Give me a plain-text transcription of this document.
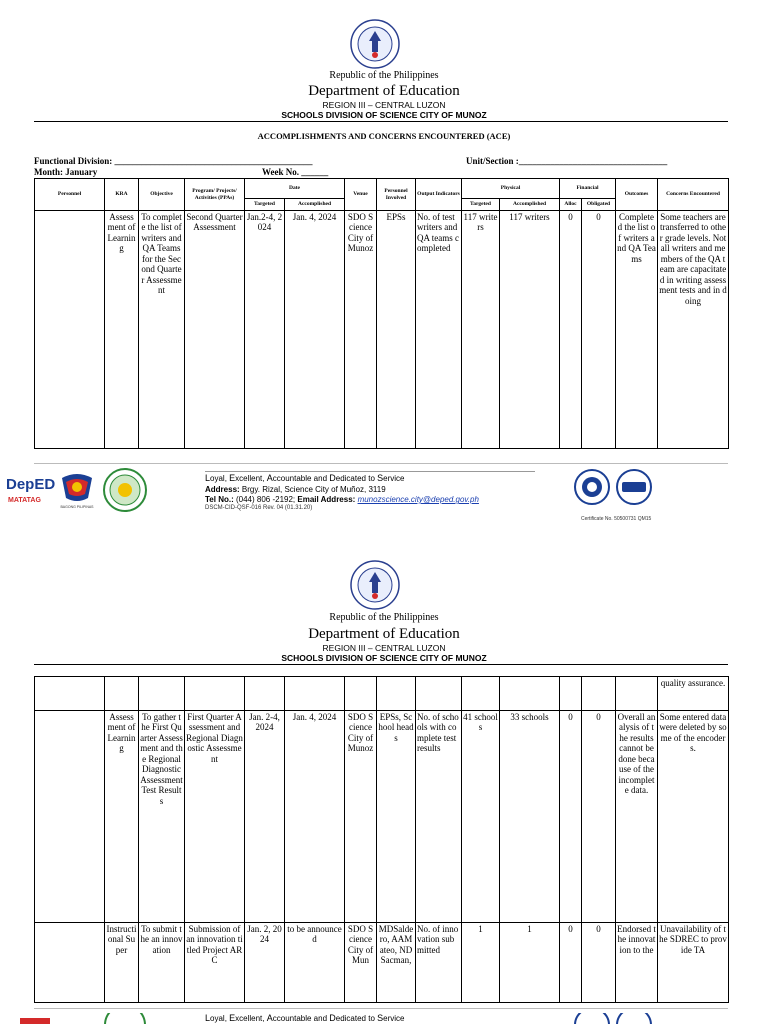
Republic of the Philippines
Department of Education
REGION III – CENTRAL LUZON
SCHOOLS DIVISION OF SCIENCE CITY OF MUNOZ
ACCOMPLISHMENTS AND CONCERNS ENCOUNTERED (ACE)
Functional Division: ____________________________________________	Unit/Section :_________________________________
Month: January	Week No. ______
Personnel	KRA	Objective	Program/ Projects/ Activities (PPAs)	Date		Venue	Personnel Involved	Output Indicators	Physical		Financial		Outcomes	Concerns Encountered
				Targeted	Accomplished				Targeted	Accomplished	Alloc	Obligated		
	Assessment of Learning	To complete the list of writers and QA Teams for the Second Quarter Assessment	Second Quarter Assessment	Jan.2-4, 2024	Jan. 4, 2024	SDO Science City of Munoz	EPSs	No. of test writers and QA teams completed	117 writers	117 writers	0	0	Completed the list of writers and QA Teams	Some teachers are transferred to other grade levels. Not all writers and members of the QA team are capacitated in writing assessment tests and in doing
DepED
MATATAG
BAGONG PILIPINAS
Loyal, Excellent, Accountable and Dedicated to Service
Address: Brgy. Rizal, Science City of Muñoz, 3119
Tel No.: (044) 806 -2192; Email Address: munozscience.city@deped.gov.ph
DSCM-CID-QSF-016 Rev. 04 (01.31.20)
Certificate No. 50500731 QM15
Republic of the Philippines
Department of Education
REGION III – CENTRAL LUZON
SCHOOLS DIVISION OF SCIENCE CITY OF MUNOZ
														quality assurance.
	Assessment of Learning	To gather the First Quarter Assessment and the Regional Diagnostic Assessment Test Results	First Quarter Assessment and Regional Diagnostic Assessment	Jan. 2-4, 2024	Jan. 4, 2024	SDO Science City of Munoz	EPSs, School heads	No. of schools with complete test results	41 schools	33 schools	0	0	Overall analysis of the results cannot be done because of the incomplete data.	Some entered data were deleted by some of the encoders.
	Instructional Super	To submit the an innovation	Submission of an innovation titled Project ARC	Jan. 2, 2024	to be announced	SDO Science City of Mun	MDSaldero, AAMateo, NDSacman,	No. of innovation submitted	1	1	0	0	Endorsed the innovation to the	Unavailability of the SDREC to provide TA
Loyal, Excellent, Accountable and Dedicated to Service
